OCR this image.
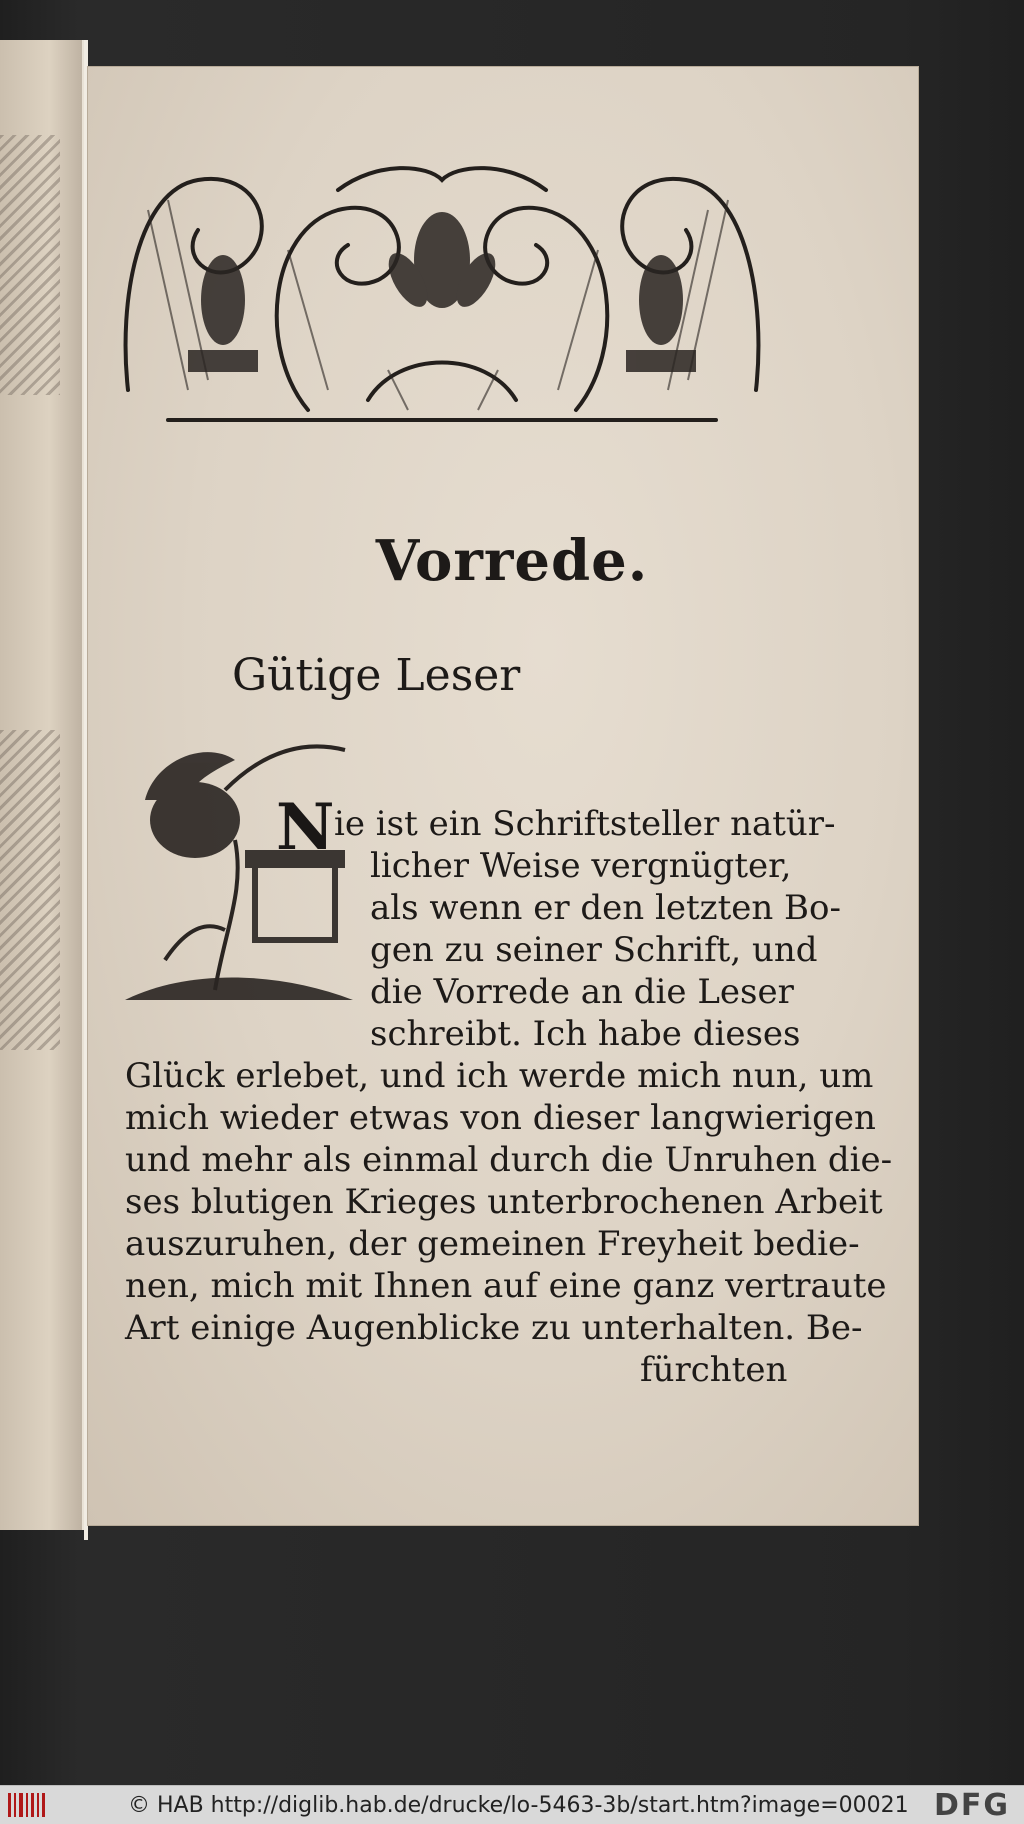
Vorrede.
Gütige Leser
N ie ist ein Schriftsteller natür-
licher Weise vergnügter,
als wenn er den letzten Bo-
gen zu seiner Schrift, und
die Vorrede an die Leser
schreibt. Ich habe dieses
Glück erlebet, und ich werde mich nun, um
mich wieder etwas von dieser langwierigen
und mehr als einmal durch die Unruhen die-
ses blutigen Krieges unterbrochenen Arbeit
auszuruhen, der gemeinen Freyheit bedie-
nen, mich mit Ihnen auf eine ganz vertraute
Art einige Augenblicke zu unterhalten. Be-
fürchten
© HAB http://diglib.hab.de/drucke/lo-5463-3b/start.htm?image=00021 DFG
